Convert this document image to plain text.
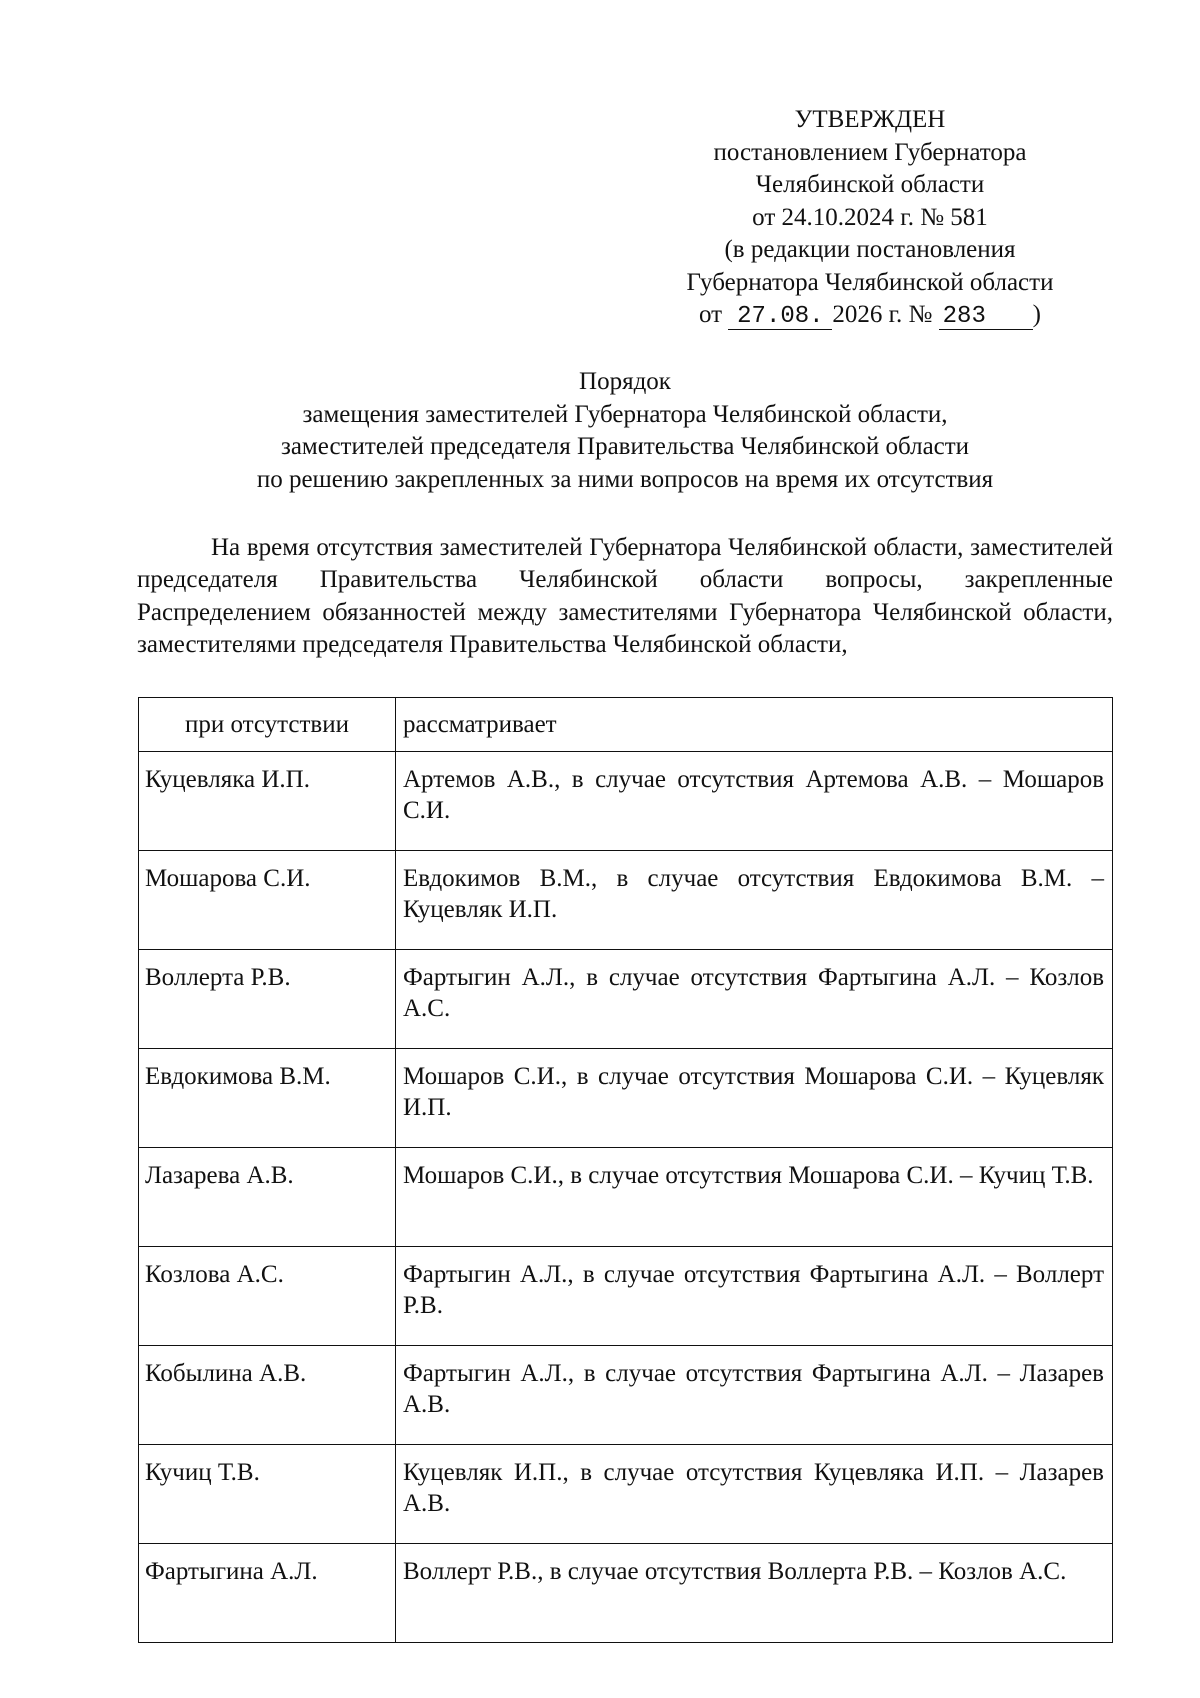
УТВЕРЖДЕН
постановлением Губернатора
Челябинской области
от 24.10.2024 г. № 581
(в редакции постановления
Губернатора Челябинской области
от 27.08. 2026 г. № 283 )
Порядок
замещения заместителей Губернатора Челябинской области,
заместителей председателя Правительства Челябинской области
по решению закрепленных за ними вопросов на время их отсутствия

На время отсутствия заместителей Губернатора Челябинской области, заместителей председателя Правительства Челябинской области вопросы, закрепленные Распределением обязанностей между заместителями Губернатора Челябинской области, заместителями председателя Правительства Челябинской области,

при отсутствии	рассматривает
Куцевляка И.П.	Артемов А.В., в случае отсутствия Артемова А.В. – Мошаров С.И.
Мошарова С.И.	Евдокимов В.М., в случае отсутствия Евдокимова В.М. – Куцевляк И.П.
Воллерта Р.В.	Фартыгин А.Л., в случае отсутствия Фартыгина А.Л. – Козлов А.С.
Евдокимова В.М.	Мошаров С.И., в случае отсутствия Мошарова С.И. – Куцевляк И.П.
Лазарева А.В.	Мошаров С.И., в случае отсутствия Мошарова С.И. – Кучиц Т.В.
Козлова А.С.	Фартыгин А.Л., в случае отсутствия Фартыгина А.Л. – Воллерт Р.В.
Кобылина А.В.	Фартыгин А.Л., в случае отсутствия Фартыгина А.Л. – Лазарев А.В.
Кучиц Т.В.	Куцевляк И.П., в случае отсутствия Куцевляка И.П. – Лазарев А.В.
Фартыгина А.Л.	Воллерт Р.В., в случае отсутствия Воллерта Р.В. – Козлов А.С.
